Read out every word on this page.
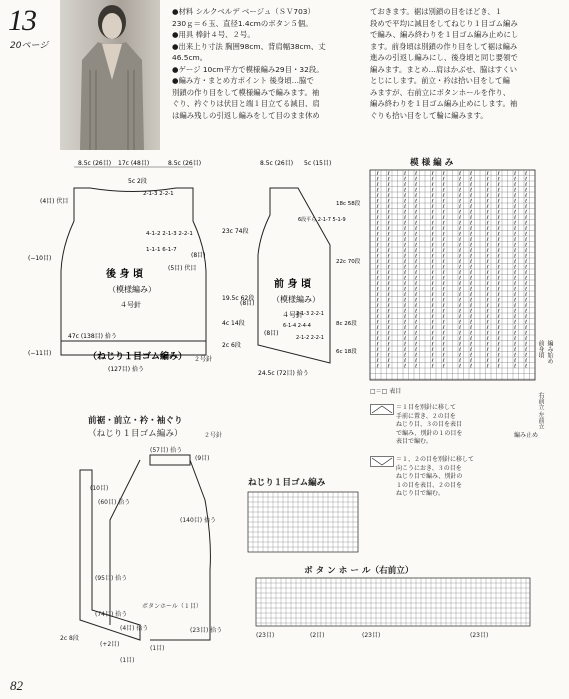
13
20ページ
●材料 シルクベルデ ベージュ（ＳＶ703）
230ｇ＝６玉、直径1.4cmのボタン５個。
●用具 棒針４号、２号。
●出来上り寸法 胸囲98cm、背肩幅38cm、丈
46.5cm。
●ゲージ 10cm平方で模様編み29目・32段。
●編み方・まとめ方ポイント 後身頃…脇で
別鎖の作り目をして模様編みで編みます。袖
ぐり、衿ぐりは伏目と端１目立てる減目、肩
は編み残しの引返し編みをして目のまま休め
ておきます。裾は別鎖の目をほどき、１
段めで平均に減目をしてねじり１目ゴム編み
で編み、編み終わりを１目ゴム編み止めにし
ます。前身頃は別鎖の作り目をして裾は編み
進みの引返し編みにし、後身頃と同じ要領で
編みます。まとめ…肩はかぶせ、脇はすくい
とじにします。前立・衿は拾い目をして編
みますが、右前立にボタンホールを作り、
編み終わりを１目ゴム編み止めにします。袖
ぐりも拾い目をして輪に編みます。
8.5c (26目) 17c (48目)	8.5c (26目)
5c 2段
(4目) 伏目
(5目) 伏目
(−10目)
2-1-3 2-2-1
4-1-2 2-1-3 2-2-1
1-1-1 6-1-7
(8目)
23c 74段
19.5c 62段
4c 14段
2c 6段
後 身 頃
（模様編み）
４号針
47c (138目) 拾う
(−11目)	（ねじり１目ゴム編み） ２号針
(127目) 拾う
8.5c (26目) 5c (15目)
6段平ら 2-1-7 5-1-9
2-1-3 2-2-1
6-1-4 2-4-4
2-1-2 2-2-1
(8目)
(8目)
18c 58段
22c 70段
8c 26段
6c 18段
前 身 頃
（模様編み）
４号針
24.5c (72目) 拾う
模 様 編 み
ℓ ℓ	ℓ ℓ	ℓ ℓ	ℓ ℓ	ℓ ℓ	ℓ ℓ
ℓ ℓ	ℓ ℓ	ℓ ℓ	ℓ ℓ	ℓ ℓ	ℓ ℓ
ℓ ℓ	ℓ ℓ	ℓ ℓ	ℓ ℓ	ℓ ℓ	ℓ ℓ
ℓ ℓ	ℓ ℓ	ℓ ℓ	ℓ ℓ	ℓ ℓ	ℓ ℓ
ℓ ℓ	ℓ ℓ	ℓ ℓ	ℓ ℓ	ℓ ℓ	ℓ ℓ
ℓ ℓ	ℓ ℓ	ℓ ℓ	ℓ ℓ	ℓ ℓ	ℓ ℓ
ℓ ℓ	ℓ ℓ	ℓ ℓ	ℓ ℓ	ℓ ℓ	ℓ ℓ
ℓ ℓ	ℓ ℓ	ℓ ℓ	ℓ ℓ	ℓ ℓ	ℓ ℓ
ℓ ℓ	ℓ ℓ	ℓ ℓ	ℓ ℓ	ℓ ℓ	ℓ ℓ
ℓ ℓ	ℓ ℓ	ℓ ℓ	ℓ ℓ	ℓ ℓ	ℓ ℓ
ℓ ℓ	ℓ ℓ	ℓ ℓ	ℓ ℓ	ℓ ℓ	ℓ ℓ
ℓ ℓ	ℓ ℓ	ℓ ℓ	ℓ ℓ	ℓ ℓ	ℓ ℓ
ℓ ℓ	ℓ ℓ	ℓ ℓ	ℓ ℓ	ℓ ℓ	ℓ ℓ
ℓ ℓ	ℓ ℓ	ℓ ℓ	ℓ ℓ	ℓ ℓ	ℓ ℓ
ℓ ℓ	ℓ ℓ	ℓ ℓ	ℓ ℓ	ℓ ℓ	ℓ ℓ
ℓ ℓ	ℓ ℓ	ℓ ℓ	ℓ ℓ	ℓ ℓ	ℓ ℓ
ℓ ℓ	ℓ ℓ	ℓ ℓ	ℓ ℓ	ℓ ℓ	ℓ ℓ
ℓ ℓ	ℓ ℓ	ℓ ℓ	ℓ ℓ	ℓ ℓ	ℓ ℓ
ℓ ℓ	ℓ ℓ	ℓ ℓ	ℓ ℓ	ℓ ℓ	ℓ ℓ
ℓ ℓ	ℓ ℓ	ℓ ℓ	ℓ ℓ	ℓ ℓ	ℓ ℓ
ℓ ℓ	ℓ ℓ	ℓ ℓ	ℓ ℓ	ℓ ℓ	ℓ ℓ
ℓ ℓ	ℓ ℓ	ℓ ℓ	ℓ ℓ	ℓ ℓ	ℓ ℓ
ℓ ℓ	ℓ ℓ	ℓ ℓ	ℓ ℓ	ℓ ℓ	ℓ ℓ
ℓ ℓ	ℓ ℓ	ℓ ℓ	ℓ ℓ	ℓ ℓ	ℓ ℓ
ℓ ℓ	ℓ ℓ	ℓ ℓ	ℓ ℓ	ℓ ℓ	ℓ ℓ
ℓ ℓ	ℓ ℓ	ℓ ℓ	ℓ ℓ	ℓ ℓ	ℓ ℓ
ℓ ℓ	ℓ ℓ	ℓ ℓ	ℓ ℓ	ℓ ℓ	ℓ ℓ
ℓ ℓ	ℓ ℓ	ℓ ℓ	ℓ ℓ	ℓ ℓ	ℓ ℓ
ℓ ℓ	ℓ ℓ	ℓ ℓ	ℓ ℓ	ℓ ℓ	ℓ ℓ
ℓ ℓ	ℓ ℓ	ℓ ℓ	ℓ ℓ	ℓ ℓ	ℓ ℓ
ℓ ℓ	ℓ ℓ	ℓ ℓ	ℓ ℓ	ℓ ℓ	ℓ ℓ
ℓ ℓ	ℓ ℓ	ℓ ℓ	ℓ ℓ	ℓ ℓ	ℓ ℓ
ℓ ℓ	ℓ ℓ	ℓ ℓ	ℓ ℓ	ℓ ℓ	ℓ ℓ
ℓ ℓ	ℓ ℓ	ℓ ℓ	ℓ ℓ	ℓ ℓ	ℓ ℓ
ℓ ℓ	ℓ ℓ	ℓ ℓ	ℓ ℓ	ℓ ℓ	ℓ ℓ
ℓ ℓ	ℓ ℓ	ℓ ℓ	ℓ ℓ	ℓ ℓ	ℓ ℓ
□＝□ 表目
前身頃 編み始め
右前立 左前立
編み止め
＝１目を別針に移して
手前に置き、２の目を
ねじり目、３の目を表目
で編み、別針の１の目を
表目で編む。
＝１、２の目を別針に移して
向こうにおき、３の目を
ねじり目で編み、別針の
１の目を表目、２の目を
ねじり目で編む。
前裾・前立・衿・袖ぐり
（ねじり１目ゴム編み）	２号針
(57目) 拾う
(9目)
(10目)
(60目) 拾う
(140目) 拾う
(95目) 拾う
ボタンホール（１目）
(74目) 拾う
(4目) 拾う	(23目) 拾う
(+2目)
(1目)
2c 8段
(1目)
ねじり１目ゴム編み
ボ タ ン ホ ー ル（右前立）
(23目)	(23目)	(23目)
(2目)
82
